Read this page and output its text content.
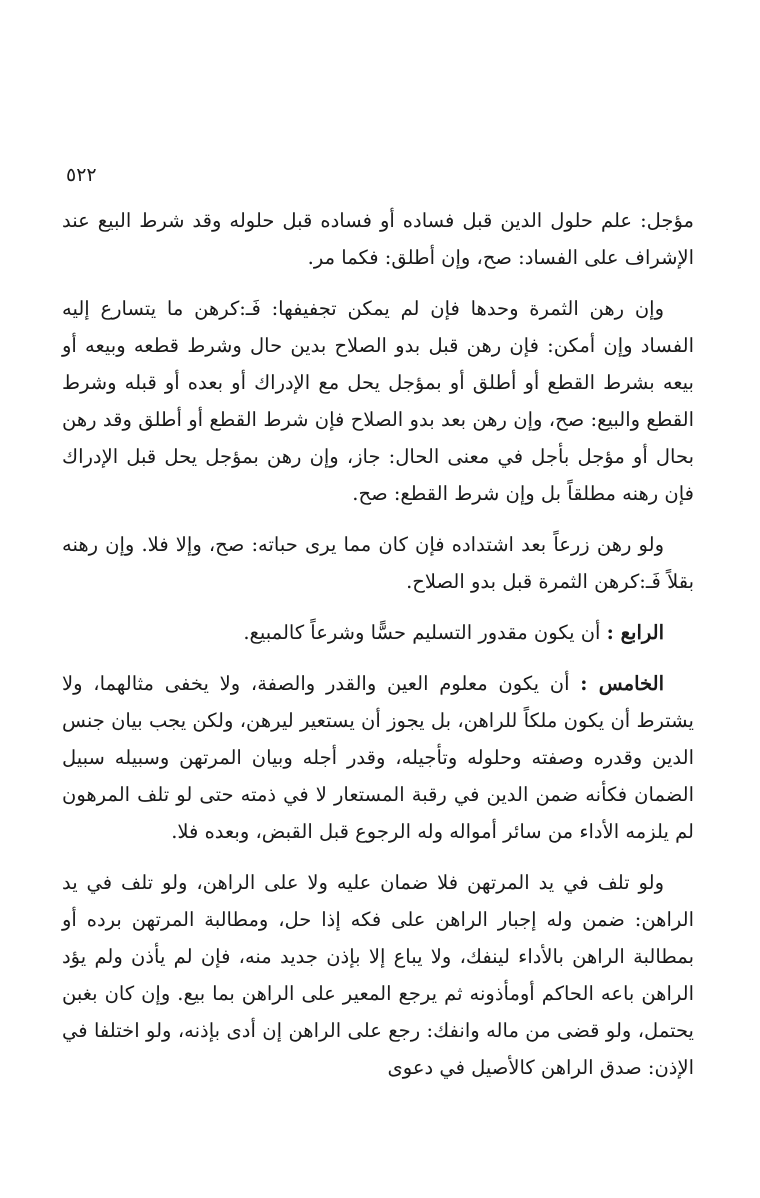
٥٢٢

مؤجل: علم حلول الدين قبل فساده أو فساده قبل حلوله وقد شرط البيع عند الإشراف على الفساد: صح، وإن أطلق: فكما مر.

وإن رهن الثمرة وحدها فإن لم يمكن تجفيفها: فَـ:كرهن ما يتسارع إليه الفساد وإن أمكن: فإن رهن قبل بدو الصلاح بدين حال وشرط قطعه وبيعه أو بيعه بشرط القطع أو أطلق أو بمؤجل يحل مع الإدراك أو بعده أو قبله وشرط القطع والبيع: صح، وإن رهن بعد بدو الصلاح فإن شرط القطع أو أطلق وقد رهن بحال أو مؤجل بأجل في معنى الحال: جاز، وإن رهن بمؤجل يحل قبل الإدراك فإن رهنه مطلقاً بل وإن شرط القطع: صح.

ولو رهن زرعاً بعد اشتداده فإن كان مما يرى حباته: صح، وإلا فلا. وإن رهنه بقلاً فَـ:كرهن الثمرة قبل بدو الصلاح.

الرابع : أن يكون مقدور التسليم حسًّا وشرعاً كالمبيع.

الخامس : أن يكون معلوم العين والقدر والصفة، ولا يخفى مثالهما، ولا يشترط أن يكون ملكاً للراهن، بل يجوز أن يستعير ليرهن، ولكن يجب بيان جنس الدين وقدره وصفته وحلوله وتأجيله، وقدر أجله وبيان المرتهن وسبيله سبيل الضمان فكأنه ضمن الدين في رقبة المستعار لا في ذمته حتى لو تلف المرهون لم يلزمه الأداء من سائر أمواله وله الرجوع قبل القبض، وبعده فلا.

ولو تلف في يد المرتهن فلا ضمان عليه ولا على الراهن، ولو تلف في يد الراهن: ضمن وله إجبار الراهن على فكه إذا حل، ومطالبة المرتهن برده أو بمطالبة الراهن بالأداء لينفك، ولا يباع إلا بإذن جديد منه، فإن لم يأذن ولم يؤد الراهن باعه الحاكم أومأذونه ثم يرجع المعير على الراهن بما بيع. وإن كان بغبن يحتمل، ولو قضى من ماله وانفك: رجع على الراهن إن أدى بإذنه، ولو اختلفا في الإذن: صدق الراهن كالأصيل في دعوى
